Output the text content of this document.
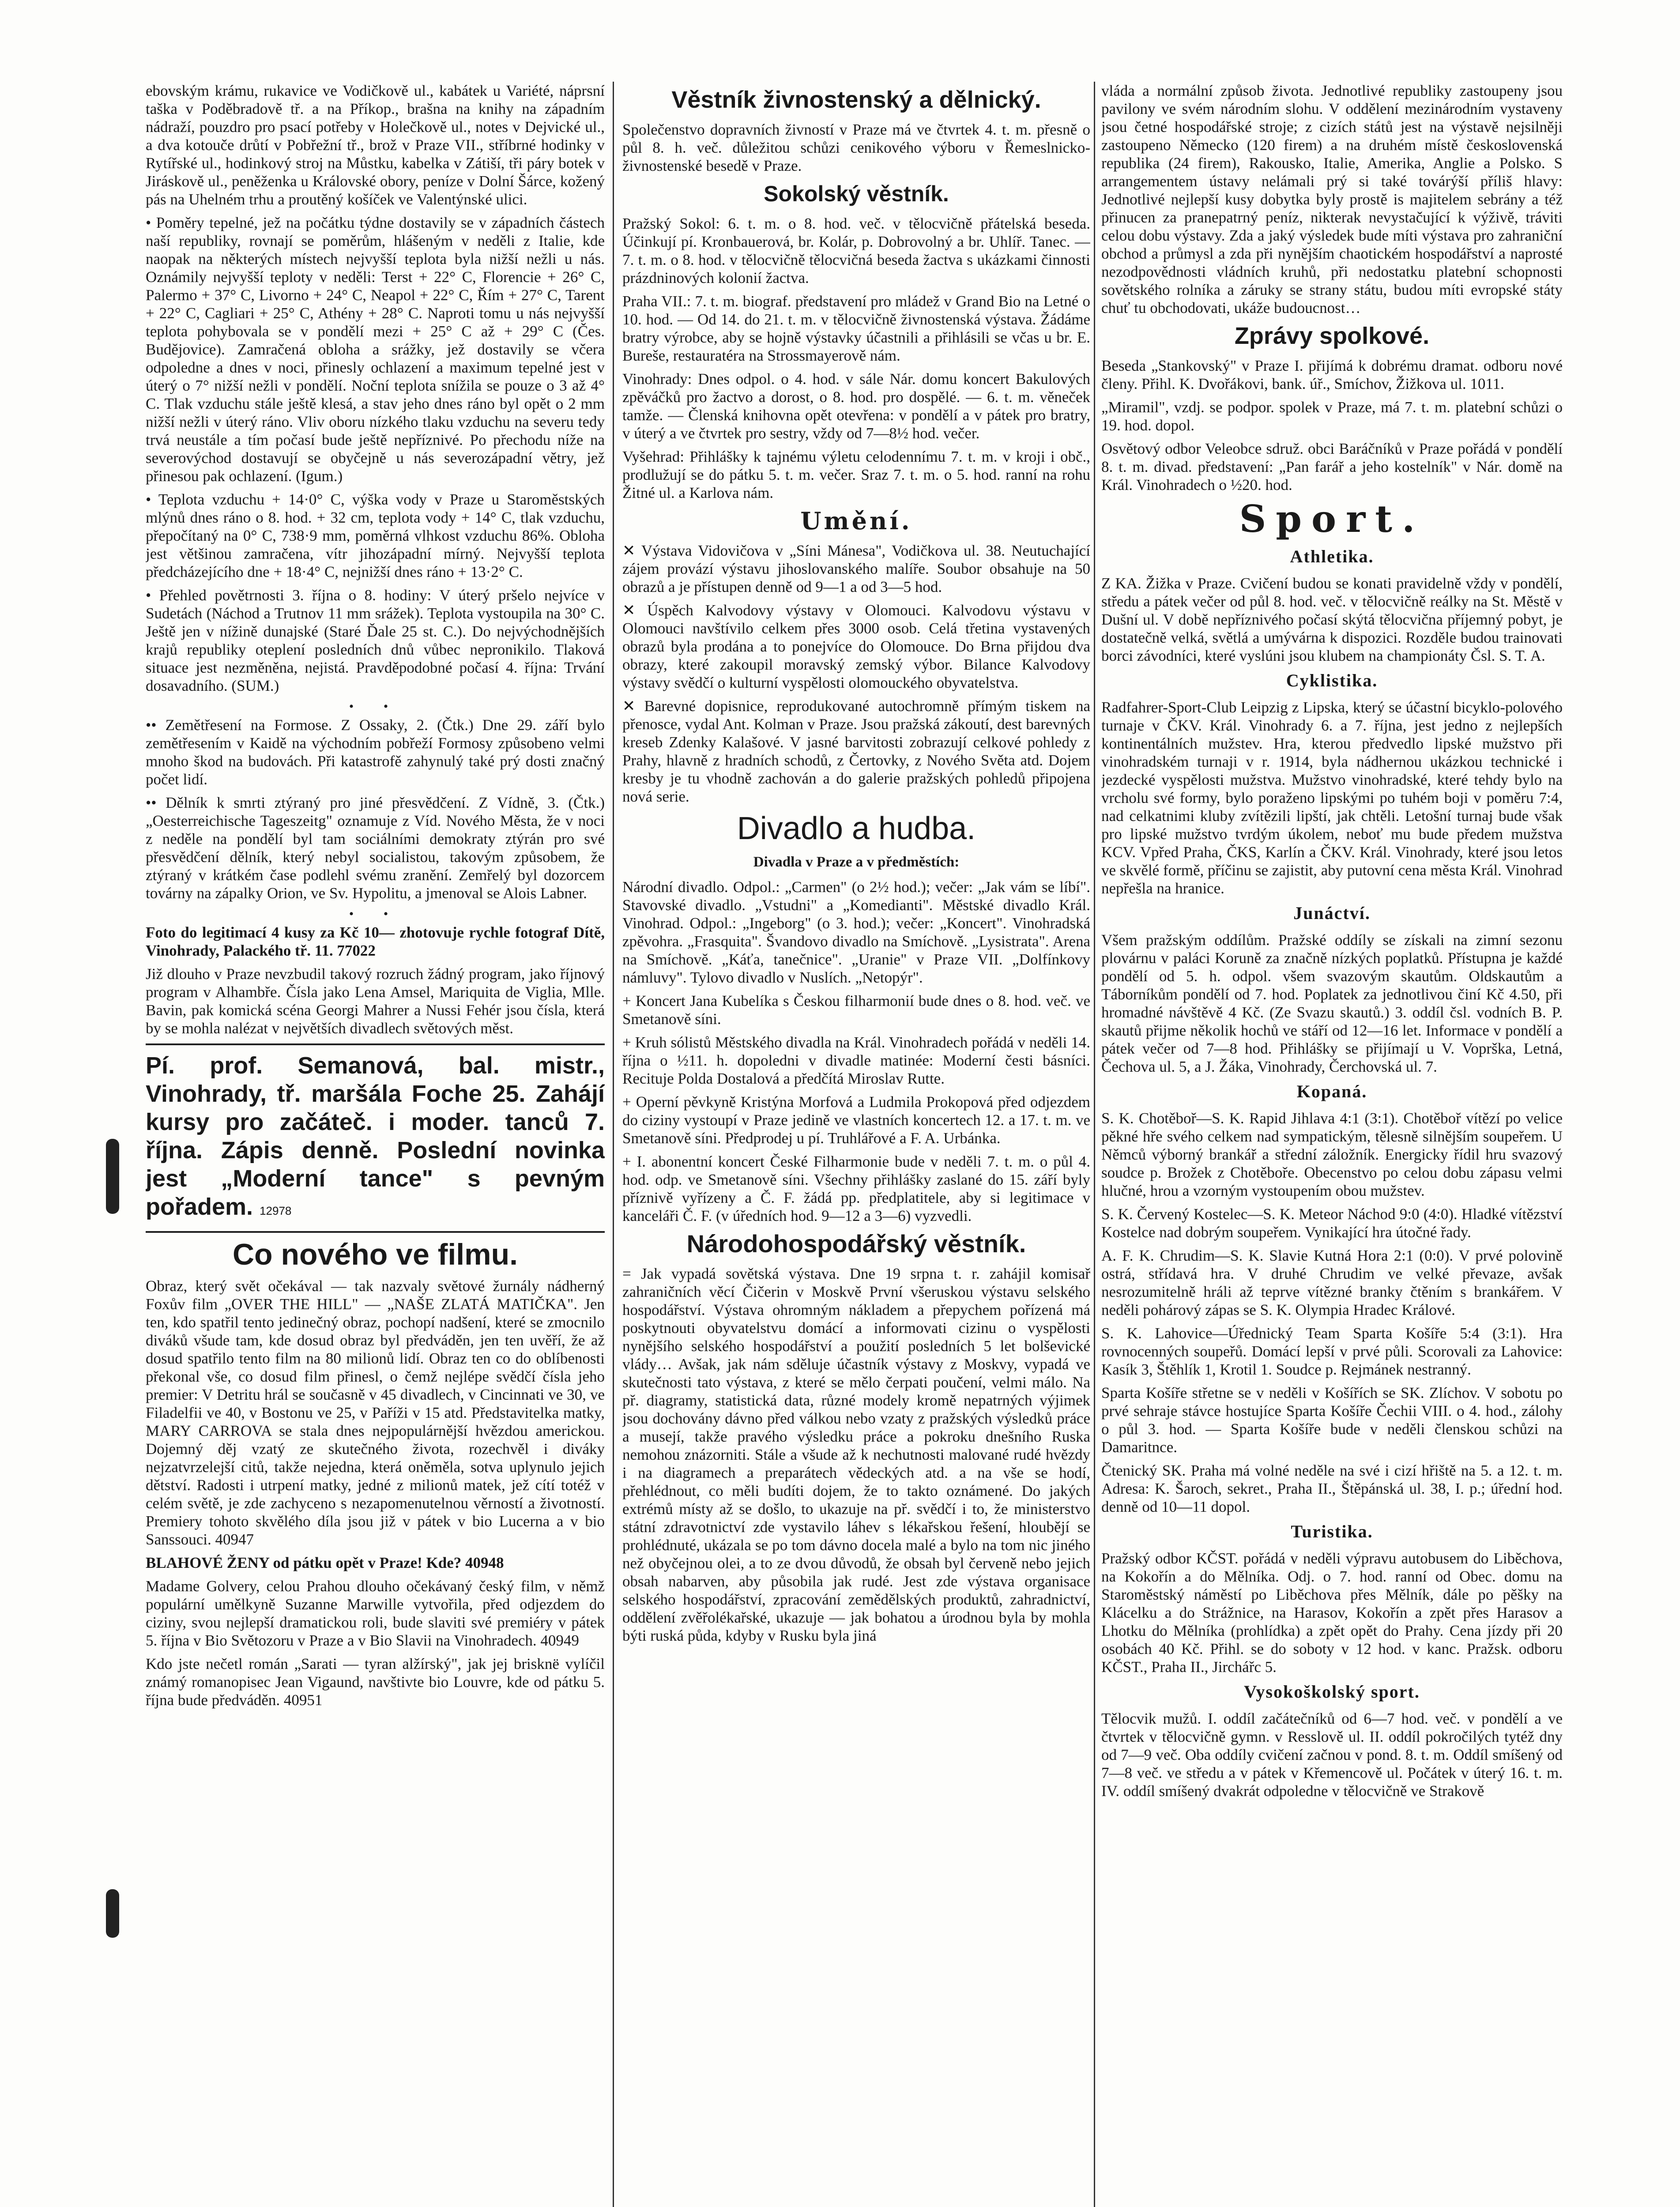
ebovským krámu, rukavice ve Vodičkově ul., kabátek u Variété, náprsní taška v Poděbradově tř. a na Příkop., brašna na knihy na západním nádraží, pouzdro pro psací potřeby v Holečkově ul., notes v Dejvické ul., a dva kotouče drůtí v Pobřežní tř., brož v Praze VII., stříbrné hodinky v Rytířské ul., hodinkový stroj na Můstku, kabelka v Zátiší, tři páry botek v Jiráskově ul., peněženka u Královské obory, peníze v Dolní Šárce, kožený pás na Uhelném trhu a proutěný košíček ve Valentýnské ulici.

• Poměry tepelné, jež na počátku týdne dostavily se v západních částech naší republiky, rovnají se poměrům, hlášeným v neděli z Italie, kde naopak na některých místech nejvyšší teplota byla nižší nežli u nás. Oznámily nejvyšší teploty v neděli: Terst + 22° C, Florencie + 26° C, Palermo + 37° C, Livorno + 24° C, Neapol + 22° C, Řím + 27° C, Tarent + 22° C, Cagliari + 25° C, Athény + 28° C. Naproti tomu u nás nejvyšší teplota pohybovala se v pondělí mezi + 25° C až + 29° C (Čes. Budějovice). Zamračená obloha a srážky, jež dostavily se včera odpoledne a dnes v noci, přinesly ochlazení a maximum tepelné jest v úterý o 7° nižší nežli v pondělí. Noční teplota snížila se pouze o 3 až 4° C. Tlak vzduchu stále ještě klesá, a stav jeho dnes ráno byl opět o 2 mm nižší nežli v úterý ráno. Vliv oboru nízkého tlaku vzduchu na severu tedy trvá neustále a tím počasí bude ještě nepříznivé. Po přechodu níže na severovýchod dostavují se obyčejně u nás severozápadní větry, jež přinesou pak ochlazení. (Igum.)

• Teplota vzduchu + 14·0° C, výška vody v Praze u Staroměstských mlýnů dnes ráno o 8. hod. + 32 cm, teplota vody + 14° C, tlak vzduchu, přepočítaný na 0° C, 738·9 mm, poměrná vlhkost vzduchu 86%. Obloha jest většinou zamračena, vítr jihozápadní mírný. Nejvyšší teplota předcházejícího dne + 18·4° C, nejnižší dnes ráno + 13·2° C.

• Přehled povětrnosti 3. října o 8. hodiny: V úterý pršelo nejvíce v Sudetách (Náchod a Trutnov 11 mm srážek). Teplota vystoupila na 30° C. Ještě jen v nížině dunajské (Staré Ďale 25 st. C.). Do nejvýchodnějších krajů republiky oteplení posledních dnů vůbec nepronikilo. Tlaková situace jest nezměněna, nejistá. Pravděpodobné počasí 4. října: Trvání dosavadního. (SUM.)

• •

•• Zemětřesení na Formose. Z Ossaky, 2. (Čtk.) Dne 29. září bylo zemětřesením v Kaidě na východním pobřeží Formosy způsobeno velmi mnoho škod na budovách. Při katastrofě zahynulý také prý dosti značný počet lidí.

•• Dělník k smrti ztýraný pro jiné přesvědčení. Z Vídně, 3. (Čtk.) „Oesterreichische Tageszeitg" oznamuje z Víd. Nového Města, že v noci z neděle na pondělí byl tam sociálními demokraty ztýrán pro své přesvědčení dělník, který nebyl socialistou, takovým způsobem, že ztýraný v krátkém čase podlehl svému zranění. Zemřelý byl dozorcem továrny na zápalky Orion, ve Sv. Hypolitu, a jmenoval se Alois Labner.

• •

Foto do legitimací 4 kusy za Kč 10— zhotovuje rychle fotograf Dítě, Vinohrady, Palackého tř. 11. 77022

Již dlouho v Praze nevzbudil takový rozruch žádný program, jako říjnový program v Alhambře. Čísla jako Lena Amsel, Mariquita de Viglia, Mlle. Bavin, pak komická scéna Georgi Mahrer a Nussi Fehér jsou čísla, která by se mohla nalézat v největších divadlech světových měst.

Pí. prof. Semanová, bal. mistr., Vinohrady, tř. maršála Foche 25. Zahájí kursy pro začáteč. i moder. tanců 7. října. Zápis denně. Poslední novinka jest „Moderní tance" s pevným pořadem. 12978
Co nového ve filmu.

Obraz, který svět očekával — tak nazvaly světové žurnály nádherný Foxův film „OVER THE HILL" — „NAŠE ZLATÁ MATIČKA". Jen ten, kdo spatřil tento jedinečný obraz, pochopí nadšení, které se zmocnilo diváků všude tam, kde dosud obraz byl předváděn, jen ten uvěří, že až dosud spatřilo tento film na 80 milionů lidí. Obraz ten co do oblíbenosti překonal vše, co dosud film přinesl, o čemž nejlépe svědčí čísla jeho premier: V Detritu hrál se současně v 45 divadlech, v Cincinnati ve 30, ve Filadelfii ve 40, v Bostonu ve 25, v Paříži v 15 atd. Představitelka matky, MARY CARROVA se stala dnes nejpopulárnější hvězdou americkou. Dojemný děj vzatý ze skutečného života, rozechvěl i diváky nejzatvrzelejší citů, takže nejedna, která oněměla, sotva uplynulo jejich dětství. Radosti i utrpení matky, jedné z milionů matek, jež cítí totéž v celém světě, je zde zachyceno s nezapomenutelnou věrností a životností. Premiery tohoto skvělého díla jsou již v pátek v bio Lucerna a v bio Sanssouci. 40947

BLAHOVÉ ŽENY od pátku opět v Praze! Kde? 40948

Madame Golvery, celou Prahou dlouho očekávaný český film, v němž populární umělkyně Suzanne Marwille vytvořila, před odjezdem do ciziny, svou nejlepší dramatickou roli, bude slaviti své premiéry v pátek 5. října v Bio Světozoru v Praze a v Bio Slavii na Vinohradech. 40949

Kdo jste nečetl román „Sarati — tyran alžírský", jak jej brisknë vylíčil známý romanopisec Jean Vigaund, navštivte bio Louvre, kde od pátku 5. října bude předváděn. 40951

Věstník živnostenský a dělnický.

Společenstvo dopravních živností v Praze má ve čtvrtek 4. t. m. přesně o půl 8. h. več. důležitou schůzi cenikového výboru v Řemeslnicko-živnostenské besedě v Praze.

Sokolský věstník.

Pražský Sokol: 6. t. m. o 8. hod. več. v tělocvičně přátelská beseda. Účinkují pí. Kronbauerová, br. Kolár, p. Dobrovolný a br. Uhlíř. Tanec. — 7. t. m. o 8. hod. v tělocvičně tělocvičná beseda žactva s ukázkami činnosti prázdninových kolonií žactva.

Praha VII.: 7. t. m. biograf. představení pro mládež v Grand Bio na Letné o 10. hod. — Od 14. do 21. t. m. v tělocvičně živnostenská výstava. Žádáme bratry výrobce, aby se hojně výstavky účastnili a přihlásili se včas u br. E. Bureše, restauratéra na Strossmayerově nám.

Vinohrady: Dnes odpol. o 4. hod. v sále Nár. domu koncert Bakulových zpěváčků pro žactvo a dorost, o 8. hod. pro dospělé. — 6. t. m. věneček tamže. — Členská knihovna opět otevřena: v pondělí a v pátek pro bratry, v úterý a ve čtvrtek pro sestry, vždy od 7—8½ hod. večer.

Vyšehrad: Přihlášky k tajnému výletu celodennímu 7. t. m. v kroji i obč., prodlužují se do pátku 5. t. m. večer. Sraz 7. t. m. o 5. hod. ranní na rohu Žitné ul. a Karlova nám.

Umění.

✕ Výstava Vidovičova v „Síni Mánesa", Vodičkova ul. 38. Neutuchající zájem provází výstavu jihoslovanského malíře. Soubor obsahuje na 50 obrazů a je přístupen denně od 9—1 a od 3—5 hod.

✕ Úspěch Kalvodovy výstavy v Olomouci. Kalvodovu výstavu v Olomouci navštívilo celkem přes 3000 osob. Celá třetina vystavených obrazů byla prodána a to ponejvíce do Olomouce. Do Brna přijdou dva obrazy, které zakoupil moravský zemský výbor. Bilance Kalvodovy výstavy svědčí o kulturní vyspělosti olomouckého obyvatelstva.

✕ Barevné dopisnice, reprodukované autochromně přímým tiskem na přenosce, vydal Ant. Kolman v Praze. Jsou pražská zákoutí, dest barevných kreseb Zdenky Kalašové. V jasné barvitosti zobrazují celkové pohledy z Prahy, hlavně z hradních schodů, z Čertovky, z Nového Světa atd. Dojem kresby je tu vhodně zachován a do galerie pražských pohledů připojena nová serie.

Divadlo a hudba.
Divadla v Praze a v předměstích:

Národní divadlo. Odpol.: „Carmen" (o 2½ hod.); večer: „Jak vám se líbí". Stavovské divadlo. „Vstudni" a „Komedianti". Městské divadlo Král. Vinohrad. Odpol.: „Ingeborg" (o 3. hod.); večer: „Koncert". Vinohradská zpěvohra. „Frasquita". Švandovo divadlo na Smíchově. „Lysistrata". Arena na Smíchově. „Káťa, tanečnice". „Uranie" v Praze VII. „Dolfínkovy námluvy". Tylovo divadlo v Nuslích. „Netopýr".

+ Koncert Jana Kubelíka s Českou filharmonií bude dnes o 8. hod. več. ve Smetanově síni.

+ Kruh sólistů Městského divadla na Král. Vinohradech pořádá v neděli 14. října o ½11. h. dopoledni v divadle matinée: Moderní česti básníci. Recituje Polda Dostalová a předčítá Miroslav Rutte.

+ Operní pěvkyně Kristýna Morfová a Ludmila Prokopová před odjezdem do ciziny vystoupí v Praze jedině ve vlastních koncertech 12. a 17. t. m. ve Smetanově síni. Předprodej u pí. Truhlářové a F. A. Urbánka.

+ I. abonentní koncert České Filharmonie bude v neděli 7. t. m. o půl 4. hod. odp. ve Smetanově síni. Všechny přihlášky zaslané do 15. září byly příznivě vyřízeny a Č. F. žádá pp. předplatitele, aby si legitimace v kanceláři Č. F. (v úředních hod. 9—12 a 3—6) vyzvedli.

Národohospodářský věstník.

= Jak vypadá sovětská výstava. Dne 19 srpna t. r. zahájil komisař zahraničních věcí Čičerin v Moskvě První všeruskou výstavu selského hospodářství. Výstava ohromným nákladem a přepychem pořízená má poskytnouti obyvatelstvu domácí a informovati cizinu o vyspělosti nynějšího selského hospodářství a použití posledních 5 let bolševické vlády… Avšak, jak nám sděluje účastník výstavy z Moskvy, vypadá ve skutečnosti tato výstava, z které se mělo čerpati poučení, velmi málo. Na př. diagramy, statistická data, různé modely kromě nepatrných výjimek jsou dochovány dávno před válkou nebo vzaty z pražských výsledků práce a musejí, takže pravého výsledku práce a pokroku dnešního Ruska nemohou znázorniti. Stále a všude až k nechutnosti malované rudé hvězdy i na diagramech a preparátech vědeckých atd. a na vše se hodí, přehlédnout, co měli budíti dojem, že to takto oznámené. Do jakých extrémů místy až se došlo, to ukazuje na př. svědčí i to, že ministerstvo státní zdravotnictví zde vystavilo láhev s lékařskou řešení, hloubějí se prohlédnuté, ukázala se po tom dávno docela malé a bylo na tom nic jiného než obyčejnou olei, a to ze dvou důvodů, že obsah byl červeně nebo jejich obsah nabarven, aby působila jak rudé. Jest zde výstava organisace selského hospodářství, zpracování zemědělských produktů, zahradnictví, oddělení zvěřolékařské, ukazuje — jak bohatou a úrodnou byla by mohla býti ruská půda, kdyby v Rusku byla jiná

vláda a normální způsob života. Jednotlivé republiky zastoupeny jsou pavilony ve svém národním slohu. V oddělení mezinárodním vystaveny jsou četné hospodářské stroje; z cizích států jest na výstavě nejsilněji zastoupeno Německo (120 firem) a na druhém místě československá republika (24 firem), Rakousko, Italie, Amerika, Anglie a Polsko. S arrangementem ústavy nelámali prý si také továrýší příliš hlavy: Jednotlivé nejlepší kusy dobytka byly prostě is majitelem sebrány a též přinucen za pranepatrný peníz, nikterak nevystačující k výživě, tráviti celou dobu výstavy. Zda a jaký výsledek bude míti výstava pro zahraniční obchod a průmysl a zda při nynějším chaotickém hospodářství a naprosté nezodpovědnosti vládních kruhů, při nedostatku platební schopnosti sovětského rolníka a záruky se strany státu, budou míti evropské státy chuť tu obchodovati, ukáže budoucnost…

Zprávy spolkové.

Beseda „Stankovský" v Praze I. přijímá k dobrému dramat. odboru nové členy. Přihl. K. Dvořákovi, bank. úř., Smíchov, Žižkova ul. 1011.

„Miramil", vzdj. se podpor. spolek v Praze, má 7. t. m. platební schůzi o 19. hod. dopol.

Osvětový odbor Veleobce sdruž. obci Baráčníků v Praze pořádá v pondělí 8. t. m. divad. představení: „Pan farář a jeho kostelník" v Nár. domě na Král. Vinohradech o ½20. hod.

Sport.
Athletika.

Z KA. Žižka v Praze. Cvičení budou se konati pravidelně vždy v pondělí, středu a pátek večer od půl 8. hod. več. v tělocvičně reálky na St. Městě v Dušní ul. V době nepříznivého počasí skýtá tělocvična příjemný pobyt, je dostatečně velká, světlá a umývárna k dispozici. Rozděle budou trainovati borci závodníci, které vyslúni jsou klubem na championáty Čsl. S. T. A.

Cyklistika.

Radfahrer-Sport-Club Leipzig z Lipska, který se účastní bicyklo-polového turnaje v ČKV. Král. Vinohrady 6. a 7. října, jest jedno z nejlepších kontinentálních mužstev. Hra, kterou předvedlo lipské mužstvo při vinohradském turnaji v r. 1914, byla nádhernou ukázkou technické i jezdecké vyspělosti mužstva. Mužstvo vinohradské, které tehdy bylo na vrcholu své formy, bylo poraženo lipskými po tuhém boji v poměru 7:4, nad celkatnimi kluby zvítězili lipští, jak chtěli. Letošní turnaj bude však pro lipské mužstvo tvrdým úkolem, neboť mu bude předem mužstva KCV. Vpřed Praha, ČKS, Karlín a ČKV. Král. Vinohrady, které jsou letos ve skvělé formě, příčinu se zajistit, aby putovní cena města Král. Vinohrad nepřešla na hranice.

Junáctví.

Všem pražským oddílům. Pražské oddíly se získali na zimní sezonu plovárnu v paláci Koruně za značně nízkých poplatků. Přístupna je každé pondělí od 5. h. odpol. všem svazovým skautům. Oldskautům a Táborníkům pondělí od 7. hod. Poplatek za jednotlivou činí Kč 4.50, při hromadné návštěvě 4 Kč. (Ze Svazu skautů.) 3. oddíl čsl. vodních B. P. skautů přijme několik hochů ve stáří od 12—16 let. Informace v pondělí a pátek večer od 7—8 hod. Přihlášky se přijímají u V. Voprška, Letná, Čechova ul. 5, a J. Žáka, Vinohrady, Čerchovská ul. 7.

Kopaná.

S. K. Chotěboř—S. K. Rapid Jihlava 4:1 (3:1). Chotěboř vítězí po velice pěkné hře svého celkem nad sympatickým, tělesně silnějším soupeřem. U Němců výborný brankář a střední záložník. Energicky řídil hru svazový soudce p. Brožek z Chotěboře. Obecenstvo po celou dobu zápasu velmi hlučné, hrou a vzorným vystoupením obou mužstev.

S. K. Červený Kostelec—S. K. Meteor Náchod 9:0 (4:0). Hladké vítězství Kostelce nad dobrým soupeřem. Vynikající hra útočné řady.

A. F. K. Chrudim—S. K. Slavie Kutná Hora 2:1 (0:0). V prvé polovině ostrá, střídavá hra. V druhé Chrudim ve velké převaze, avšak nesrozumitelně hráli až teprve vítězné branky čtěním s brankářem. V neděli pohárový zápas se S. K. Olympia Hradec Králové.

S. K. Lahovice—Úřednický Team Sparta Košíře 5:4 (3:1). Hra rovnocenných soupeřů. Domácí lepší v prvé půli. Scorovali za Lahovice: Kasík 3, Štěhlík 1, Krotil 1. Soudce p. Rejmánek nestranný.

Sparta Košíře střetne se v neděli v Košířích se SK. Zlíchov. V sobotu po prvé sehraje stávce hostujíce Sparta Košíře Čechii VIII. o 4. hod., zálohy o půl 3. hod. — Sparta Košíře bude v neděli členskou schůzi na Damaritnce.

Čtenický SK. Praha má volné neděle na své i cizí hřiště na 5. a 12. t. m. Adresa: K. Šaroch, sekret., Praha II., Štěpánská ul. 38, I. p.; úřední hod. denně od 10—11 dopol.

Turistika.

Pražský odbor KČST. pořádá v neděli výpravu autobusem do Liběchova, na Kokořín a do Mělníka. Odj. o 7. hod. ranní od Obec. domu na Staroměstský náměstí po Liběchova přes Mělník, dále po pěšky na Klácelku a do Strážnice, na Harasov, Kokořín a zpět přes Harasov a Lhotku do Mělníka (prohlídka) a zpět opět do Prahy. Cena jízdy při 20 osobách 40 Kč. Přihl. se do soboty v 12 hod. v kanc. Pražsk. odboru KČST., Praha II., Jirchářc 5.

Vysokoškolský sport.

Tělocvik mužů. I. oddíl začátečníků od 6—7 hod. več. v pondělí a ve čtvrtek v tělocvičně gymn. v Resslově ul. II. oddíl pokročilých tytéž dny od 7—9 več. Oba oddíly cvičení začnou v pond. 8. t. m. Oddíl smíšený od 7—8 več. ve středu a v pátek v Křemencově ul. Počátek v úterý 16. t. m. IV. oddíl smíšený dvakrát odpoledne v tělocvičně ve Strakově
